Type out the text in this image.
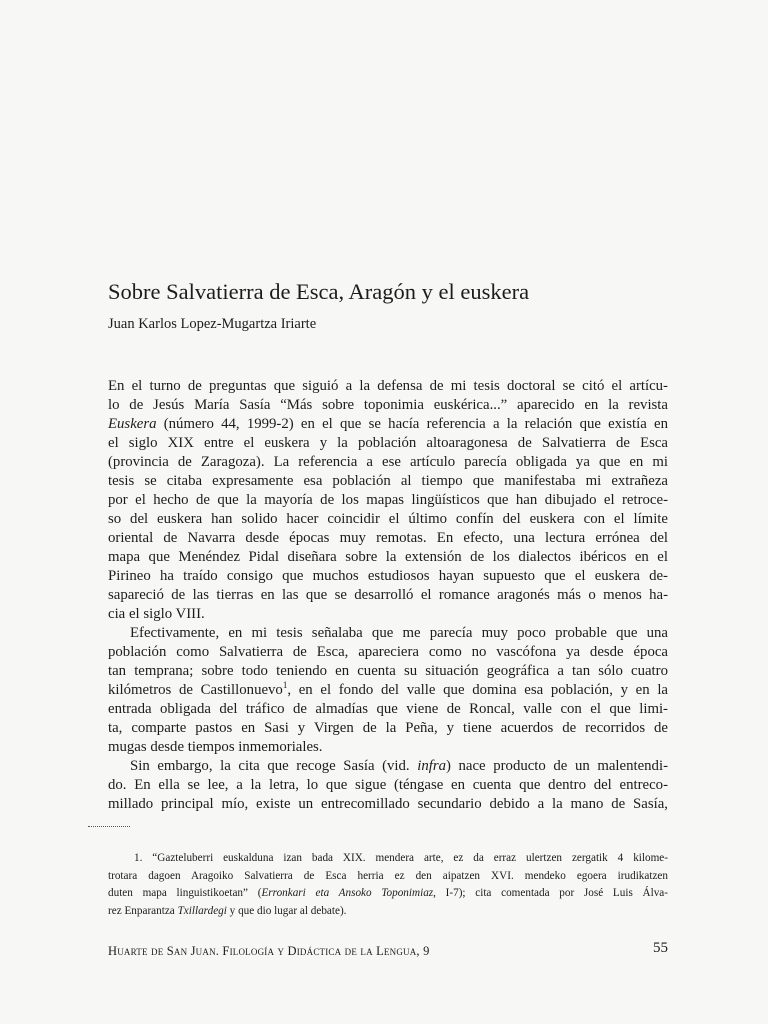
Sobre Salvatierra de Esca, Aragón y el euskera
Juan Karlos Lopez-Mugartza Iriarte
En el turno de preguntas que siguió a la defensa de mi tesis doctoral se citó el artícu-
lo de Jesús María Sasía “Más sobre toponimia euskérica...” aparecido en la revista
Euskera (número 44, 1999-2) en el que se hacía referencia a la relación que existía en
el siglo XIX entre el euskera y la población altoaragonesa de Salvatierra de Esca
(provincia de Zaragoza). La referencia a ese artículo parecía obligada ya que en mi
tesis se citaba expresamente esa población al tiempo que manifestaba mi extrañeza
por el hecho de que la mayoría de los mapas lingüísticos que han dibujado el retroce-
so del euskera han solido hacer coincidir el último confín del euskera con el límite
oriental de Navarra desde épocas muy remotas. En efecto, una lectura errónea del
mapa que Menéndez Pidal diseñara sobre la extensión de los dialectos ibéricos en el
Pirineo ha traído consigo que muchos estudiosos hayan supuesto que el euskera de-
sapareció de las tierras en las que se desarrolló el romance aragonés más o menos ha-
cia el siglo VIII.
Efectivamente, en mi tesis señalaba que me parecía muy poco probable que una
población como Salvatierra de Esca, apareciera como no vascófona ya desde época
tan temprana; sobre todo teniendo en cuenta su situación geográfica a tan sólo cuatro
kilómetros de Castillonuevo$^1$, en el fondo del valle que domina esa población, y en la
entrada obligada del tráfico de almadías que viene de Roncal, valle con el que limi-
ta, comparte pastos en Sasi y Virgen de la Peña, y tiene acuerdos de recorridos de
mugas desde tiempos inmemoriales.
Sin embargo, la cita que recoge Sasía (vid. infra) nace producto de un malentendi-
do. En ella se lee, a la letra, lo que sigue (téngase en cuenta que dentro del entreco-
millado principal mío, existe un entrecomillado secundario debido a la mano de Sasía,
1. “Gazteluberri euskalduna izan bada XIX. mendera arte, ez da erraz ulertzen zergatik 4 kilome-
trotara dagoen Aragoiko Salvatierra de Esca herria ez den aipatzen XVI. mendeko egoera irudikatzen
duten mapa linguistikoetan” (Erronkari eta Ansoko Toponimiaz, I-7); cita comentada por José Luis Álva-
rez Enparantza Txillardegi y que dio lugar al debate).
Huarte de San Juan. Filología y Didáctica de la Lengua, 9	55
